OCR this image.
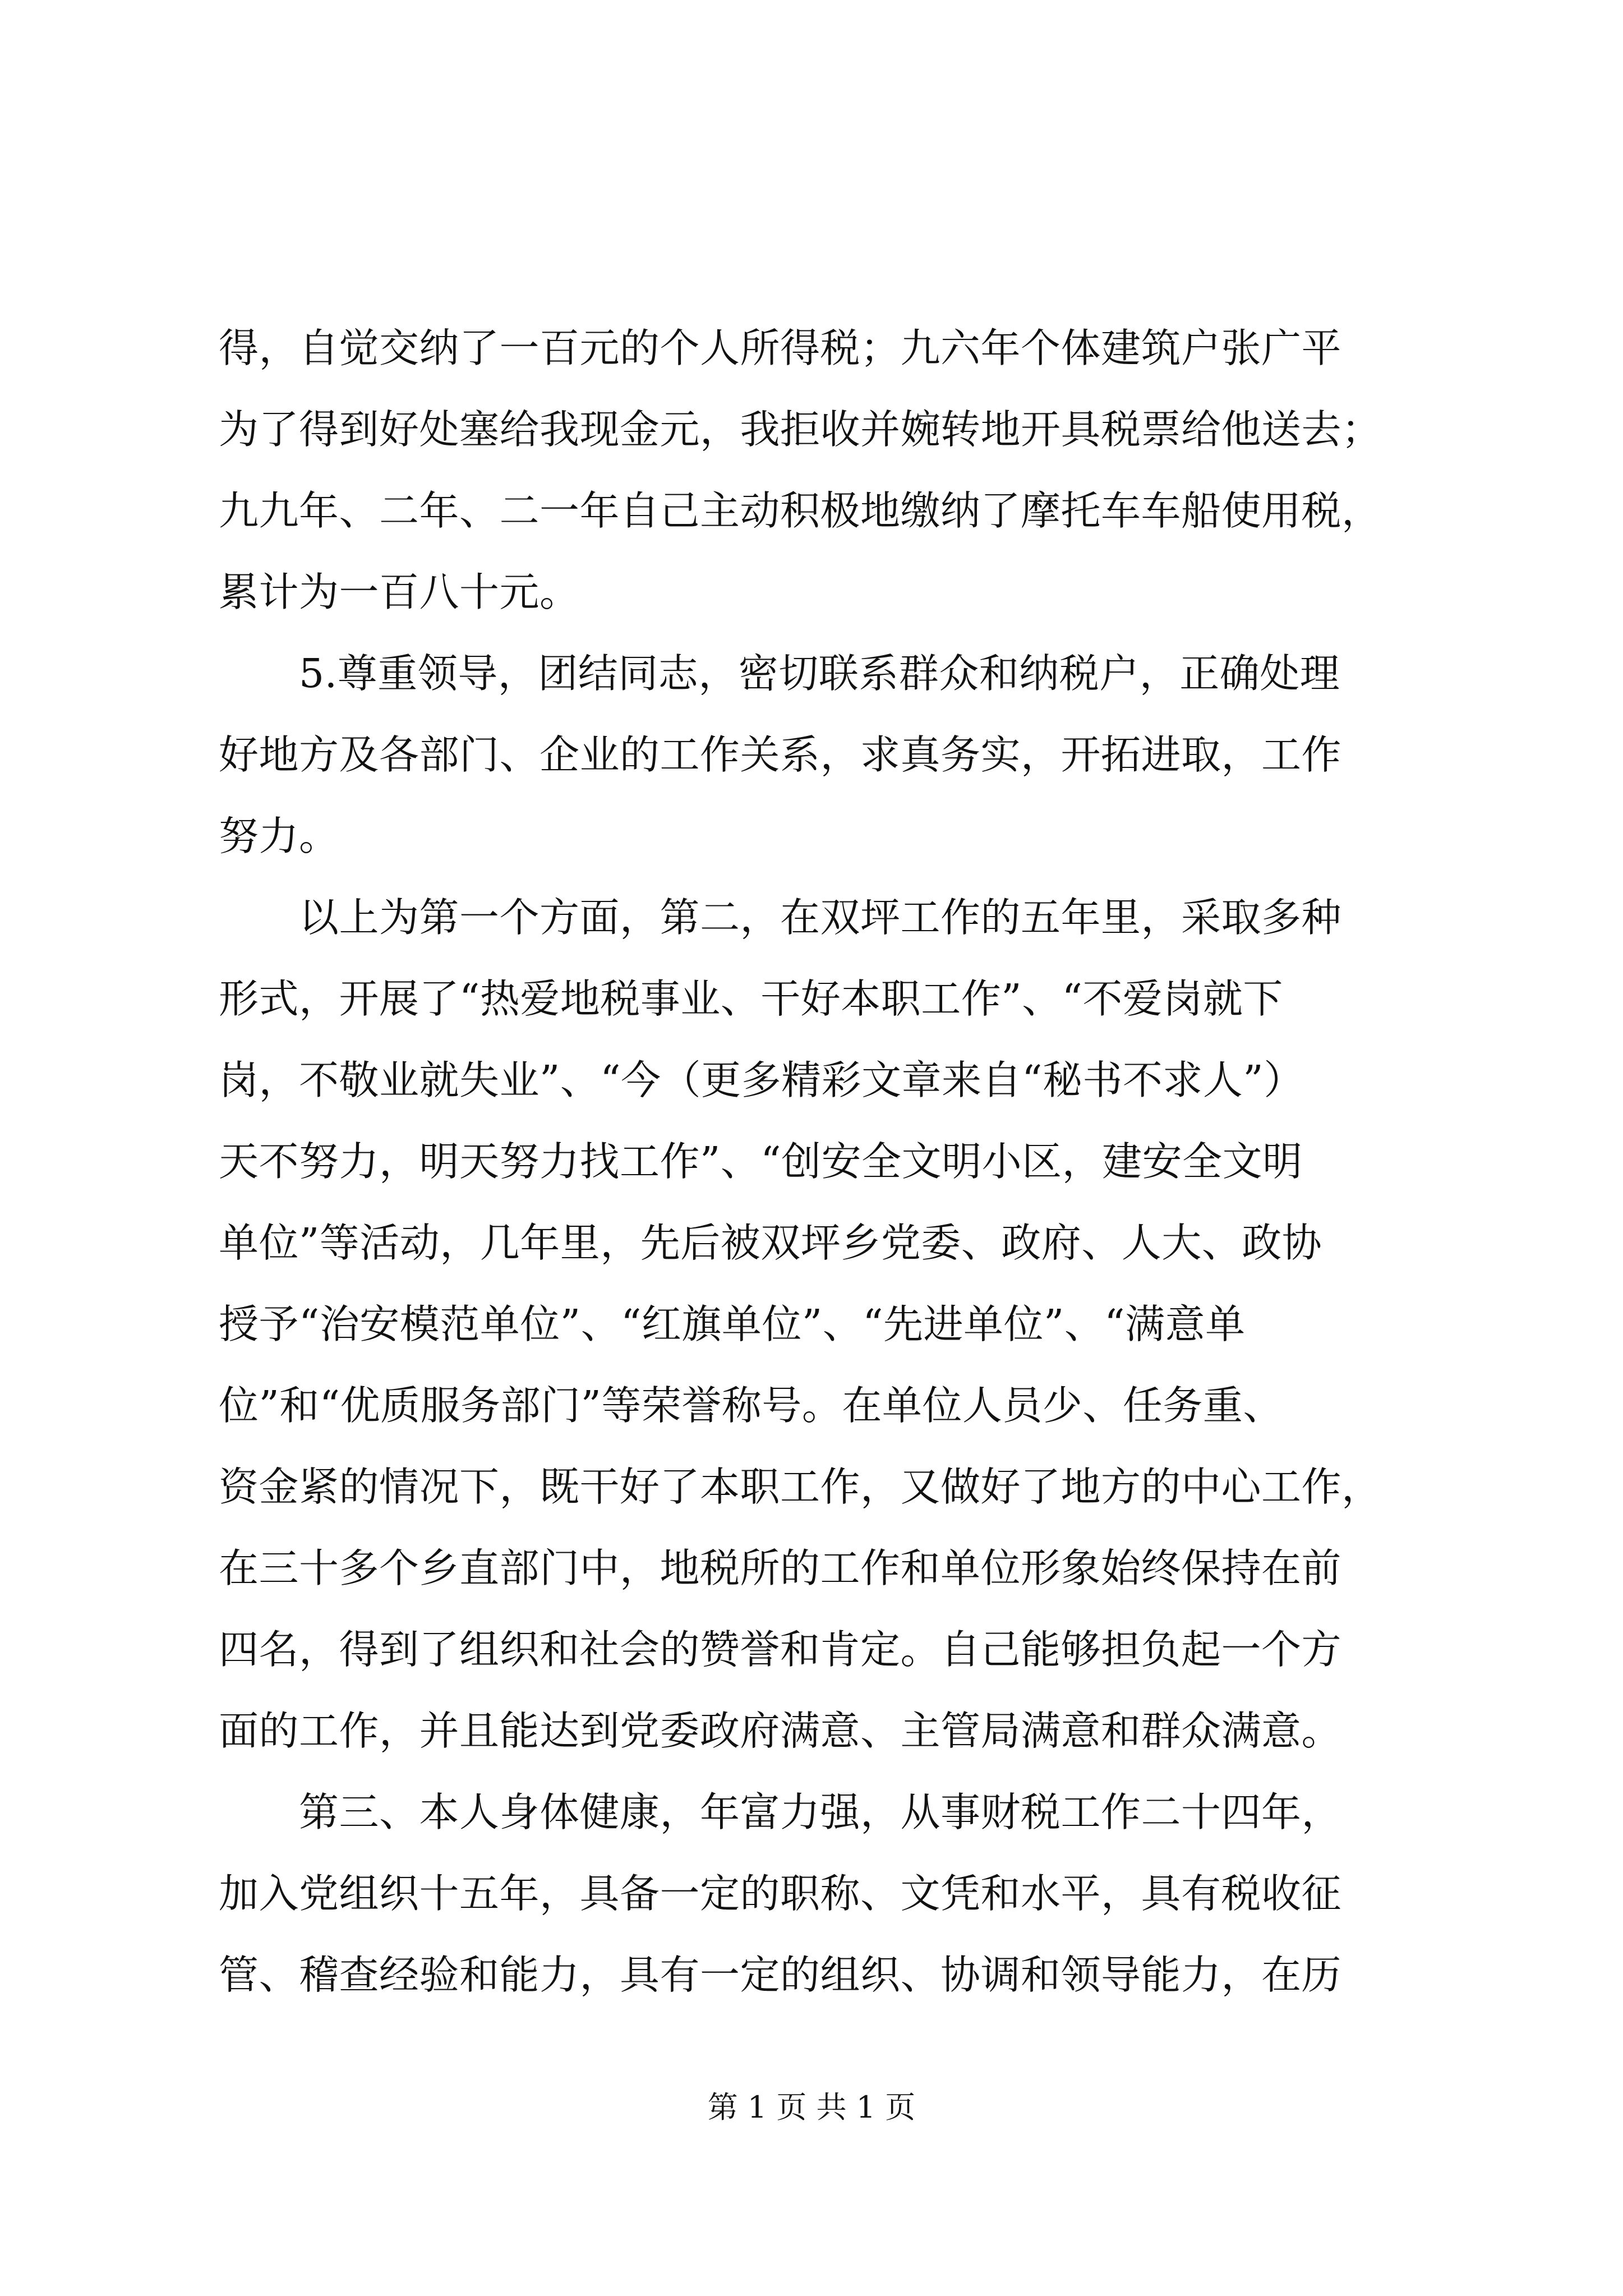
得，自觉交纳了一百元的个人所得税；九六年个体建筑户张广平
为了得到好处塞给我现金元，我拒收并婉转地开具税票给他送去；
九九年、二年、二一年自己主动积极地缴纳了摩托车车船使用税，
累计为一百八十元。
　　5.尊重领导，团结同志，密切联系群众和纳税户，正确处理
好地方及各部门、企业的工作关系，求真务实，开拓进取，工作
努力。
　　以上为第一个方面，第二，在双坪工作的五年里，采取多种
形式，开展了“热爱地税事业、干好本职工作”、“不爱岗就下
岗，不敬业就失业”、“今（更多精彩文章来自“秘书不求人”）
天不努力，明天努力找工作”、“创安全文明小区，建安全文明
单位”等活动，几年里，先后被双坪乡党委、政府、人大、政协
授予“治安模范单位”、“红旗单位”、“先进单位”、“满意单
位”和“优质服务部门”等荣誉称号。在单位人员少、任务重、
资金紧的情况下，既干好了本职工作，又做好了地方的中心工作，
在三十多个乡直部门中，地税所的工作和单位形象始终保持在前
四名，得到了组织和社会的赞誉和肯定。自己能够担负起一个方
面的工作，并且能达到党委政府满意、主管局满意和群众满意。
　　第三、本人身体健康，年富力强，从事财税工作二十四年，
加入党组织十五年，具备一定的职称、文凭和水平，具有税收征
管、稽查经验和能力，具有一定的组织、协调和领导能力，在历
第 1 页 共 1 页
